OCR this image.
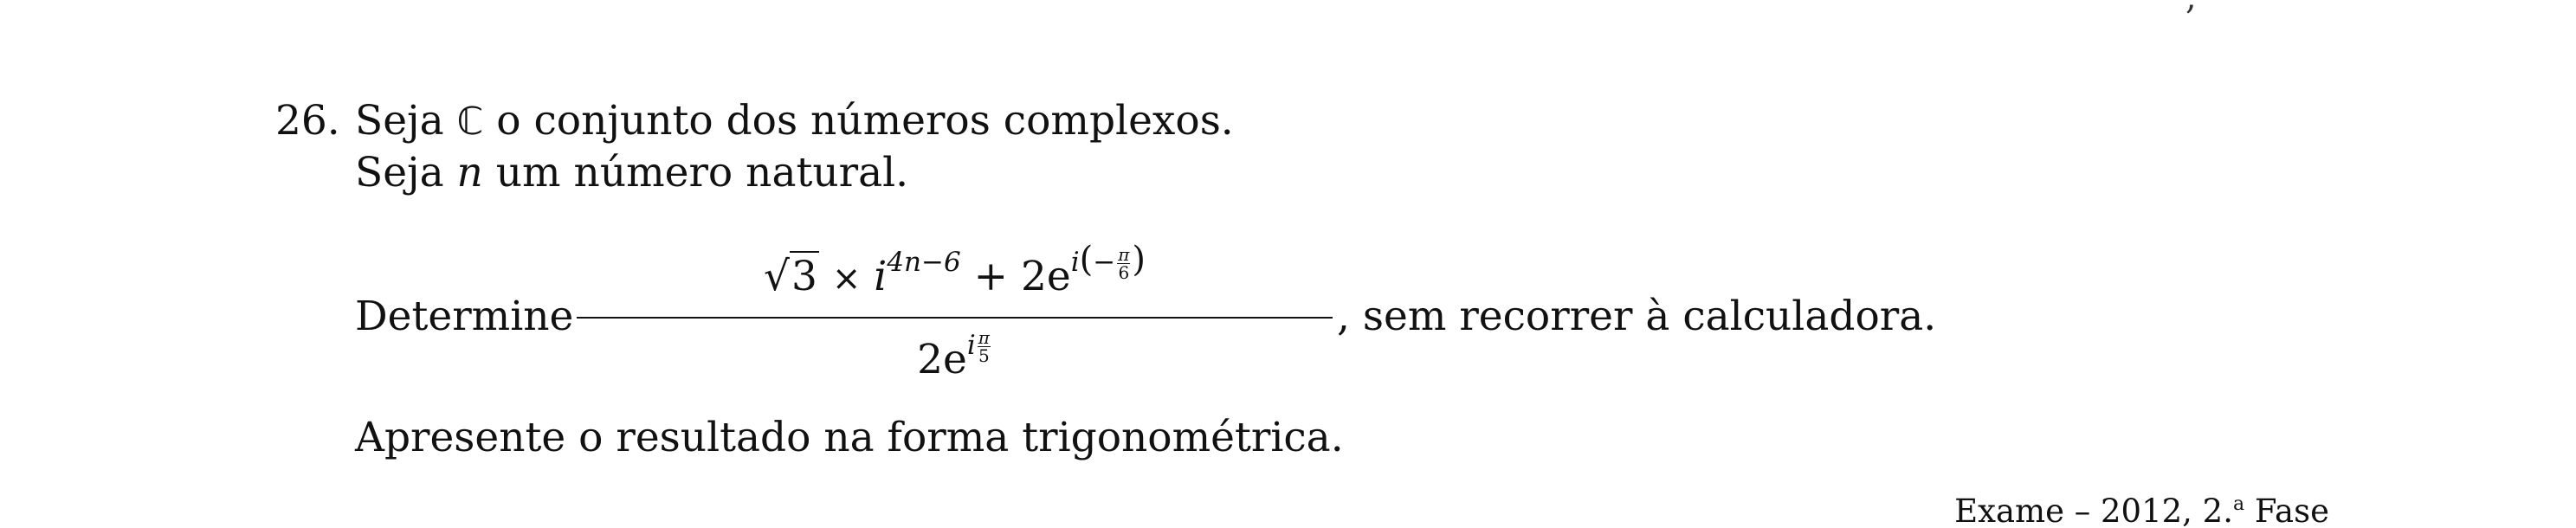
26. Seja ℂ o conjunto dos números complexos.
Seja n um número natural.
Determine
$√3 \times i^{4n-6} + 2e^{i(- \frac{\pi}{6} )}$
$2e^{i \frac{\pi}{5}}$
, sem recorrer à calculadora.
Apresente o resultado na forma trigonométrica.
Exame – 2012, 2.$^a$ Fase
